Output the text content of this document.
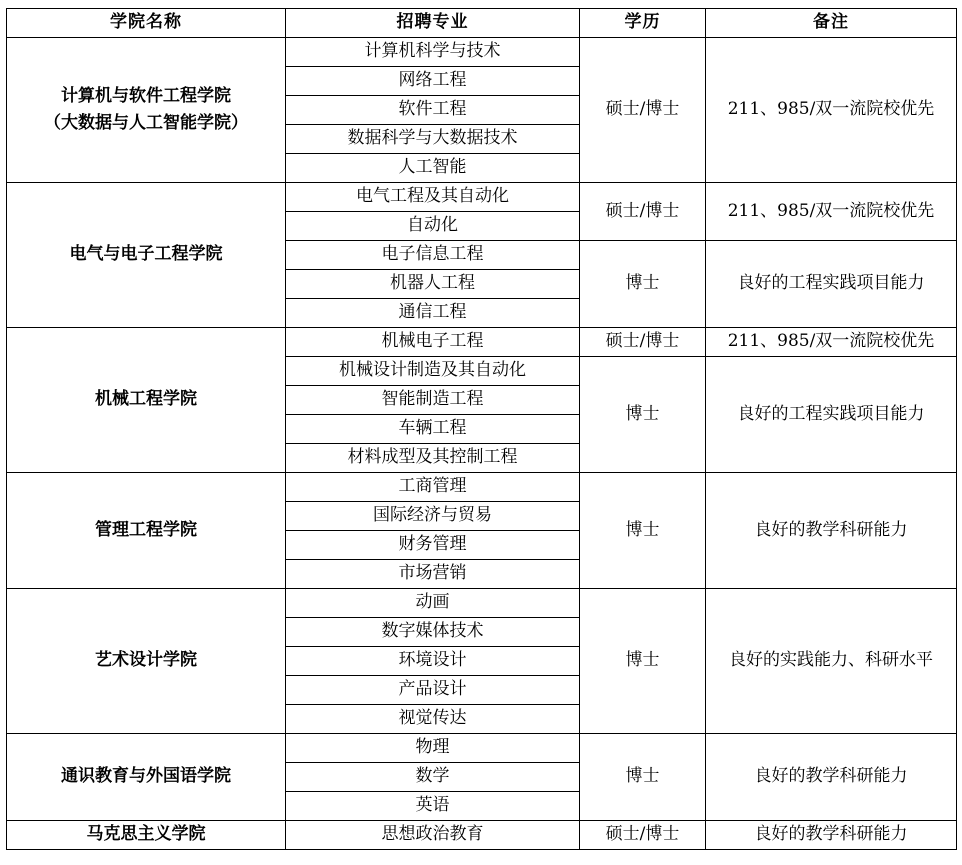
学院名称	招聘专业	学历	备注

计算机与软件工程学院
（大数据与人工智能学院）	计算机科学与技术	硕士/博士	211、985/双一流院校优先
	网络工程		
	软件工程		
	数据科学与大数据技术		
	人工智能		
电气与电子工程学院	电气工程及其自动化	硕士/博士	211、985/双一流院校优先
	自动化		
	电子信息工程	博士	良好的工程实践项目能力
	机器人工程		
	通信工程		
机械工程学院	机械电子工程	硕士/博士	211、985/双一流院校优先
	机械设计制造及其自动化	博士	良好的工程实践项目能力
	智能制造工程		
	车辆工程		
	材料成型及其控制工程		
管理工程学院	工商管理	博士	良好的教学科研能力
	国际经济与贸易		
	财务管理		
	市场营销		
艺术设计学院	动画	博士	良好的实践能力、科研水平
	数字媒体技术		
	环境设计		
	产品设计		
	视觉传达		
通识教育与外国语学院	物理	博士	良好的教学科研能力
	数学		
	英语		
马克思主义学院	思想政治教育	硕士/博士	良好的教学科研能力
